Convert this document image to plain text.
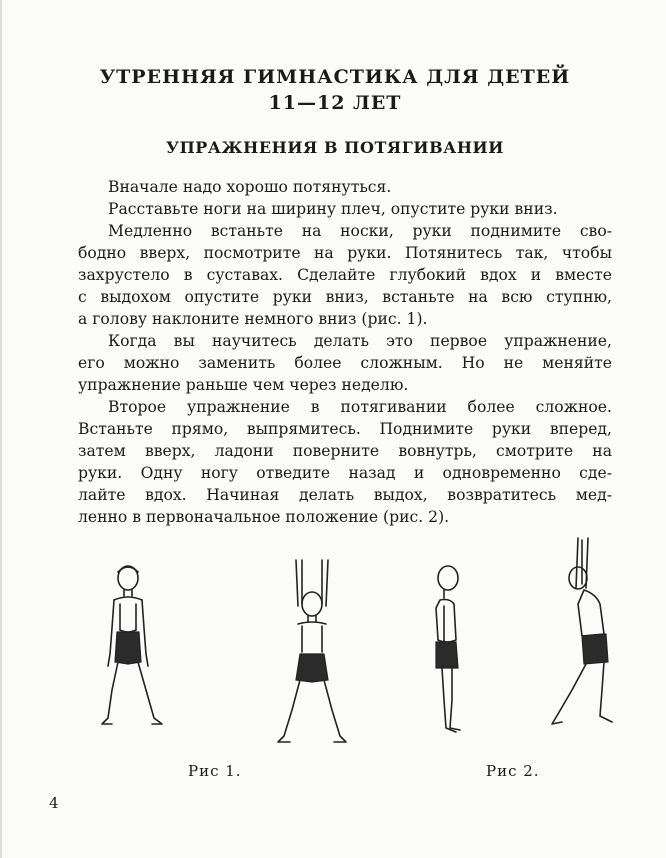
УТРЕННЯЯ ГИМНАСТИКА ДЛЯ ДЕТЕЙ
11—12 ЛЕТ
УПРАЖНЕНИЯ В ПОТЯГИВАНИИ
Вначале надо хорошо потянуться.
Расставьте ноги на ширину плеч, опустите руки вниз.
Медленно встаньте на носки, руки поднимите сво-
бодно вверх, посмотрите на руки. Потянитесь так, чтобы
захрустело в суставах. Сделайте глубокий вдох и вместе
с выдохом опустите руки вниз, встаньте на всю ступню,
а голову наклоните немного вниз (рис. 1).
Когда вы научитесь делать это первое упражнение,
его можно заменить более сложным. Но не меняйте
упражнение раньше чем через неделю.
Второе упражнение в потягивании более сложное.
Встаньте прямо, выпрямитесь. Поднимите руки вперед,
затем вверх, ладони поверните вовнутрь, смотрите на
руки. Одну ногу отведите назад и одновременно сде-
лайте вдох. Начиная делать выдох, возвратитесь мед-
ленно в первоначальное положение (рис. 2).
Рис 1.	Рис 2.
4
